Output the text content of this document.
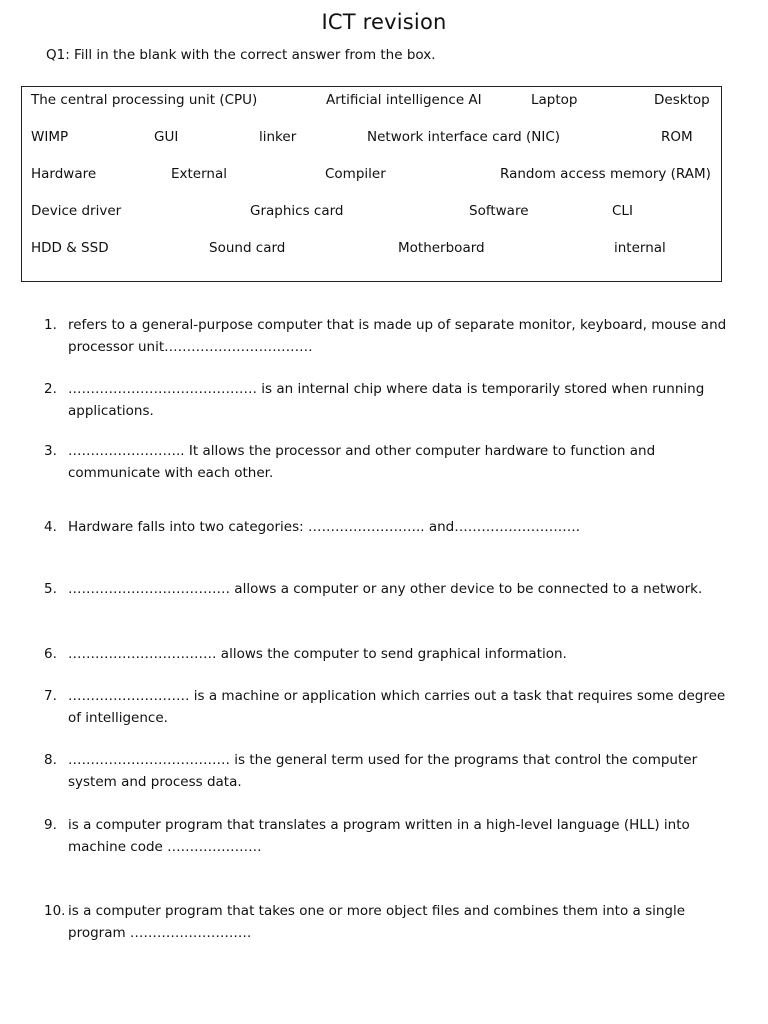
ICT revision
Q1: Fill in the blank with the correct answer from the box.
The central processing unit (CPU)	Artificial intelligence AI	Laptop	Desktop
WIMP	GUI	linker	Network interface card (NIC)	ROM
Hardware	External	Compiler	Random access memory (RAM)
Device driver	Graphics card	Software	CLI
HDD & SSD	Sound card	Motherboard	internal
1. refers to a general-purpose computer that is made up of separate monitor, keyboard, mouse and processor unit……………………………
2. …………………………………… is an internal chip where data is temporarily stored when running applications.
3. …………………….. It allows the processor and other computer hardware to function and communicate with each other.
4. Hardware falls into two categories: …………………….. and……………………….
5. ……………………………… allows a computer or any other device to be connected to a network.
6. …………………………… allows the computer to send graphical information.
7. ……………………… is a machine or application which carries out a task that requires some degree of intelligence.
8. ……………………………… is the general term used for the programs that control the computer system and process data.
9. is a computer program that translates a program written in a high-level language (HLL) into machine code …………………
10. is a computer program that takes one or more object files and combines them into a single program ………………………
